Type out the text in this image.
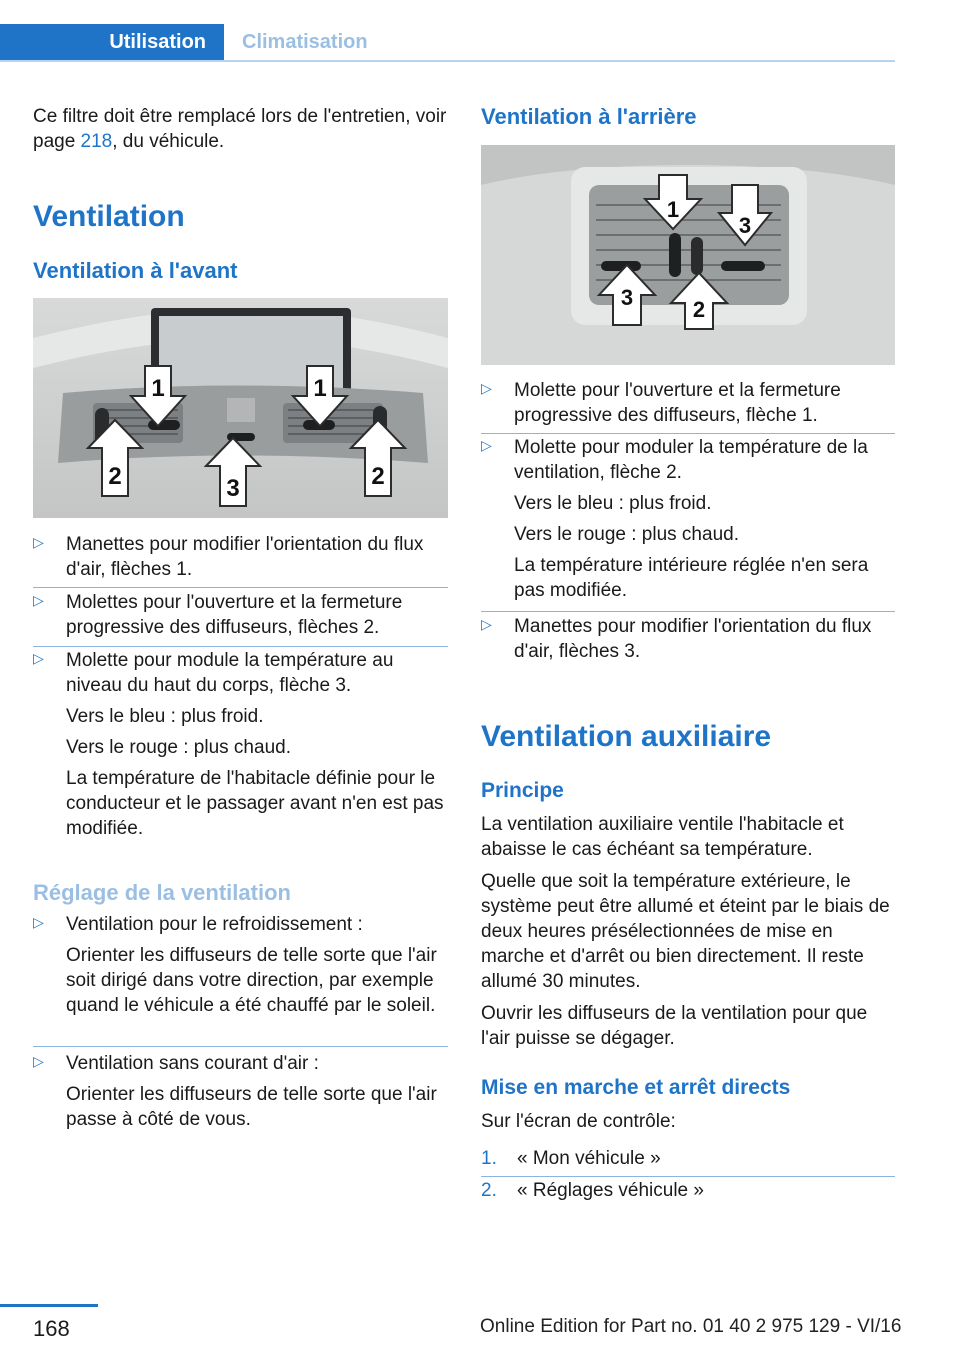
Utilisation Climatisation

Ce filtre doit être remplacé lors de l'entretien, voir page 218, du véhicule.

Ventilation
Ventilation à l'avant
1	1
2	3	2
▷	Manettes pour modifier l'orientation du flux d'air, flèches 1.

▷	Molettes pour l'ouverture et la fermeture progressive des diffuseurs, flèches 2.

▷	Molette pour module la température au niveau du haut du corps, flèche 3.

Vers le bleu : plus froid.

Vers le rouge : plus chaud.

La température de l'habitacle définie pour le conducteur et le passager avant n'en est pas modifiée.

Réglage de la ventilation
▷	Ventilation pour le refroidissement :

Orienter les diffuseurs de telle sorte que l'air soit dirigé dans votre direction, par exemple quand le véhicule a été chauffé par le soleil.

▷	Ventilation sans courant d'air :

Orienter les diffuseurs de telle sorte que l'air passe à côté de vous.

Ventilation à l'arrière
1
3
3	2
▷	Molette pour l'ouverture et la fermeture progressive des diffuseurs, flèche 1.

▷	Molette pour moduler la température de la ventilation, flèche 2.

Vers le bleu : plus froid.

Vers le rouge : plus chaud.

La température intérieure réglée n'en sera pas modifiée.

▷	Manettes pour modifier l'orientation du flux d'air, flèches 3.

Ventilation auxiliaire
Principe

La ventilation auxiliaire ventile l'habitacle et abaisse le cas échéant sa température.

Quelle que soit la température extérieure, le système peut être allumé et éteint par le biais de deux heures présélectionnées de mise en marche et d'arrêt ou bien directement. Il reste allumé 30 minutes.

Ouvrir les diffuseurs de la ventilation pour que l'air puisse se dégager.

Mise en marche et arrêt directs

Sur l'écran de contrôle:

1. « Mon véhicule »
2. « Réglages véhicule »
168	Online Edition for Part no. 01 40 2 975 129 - VI/16
